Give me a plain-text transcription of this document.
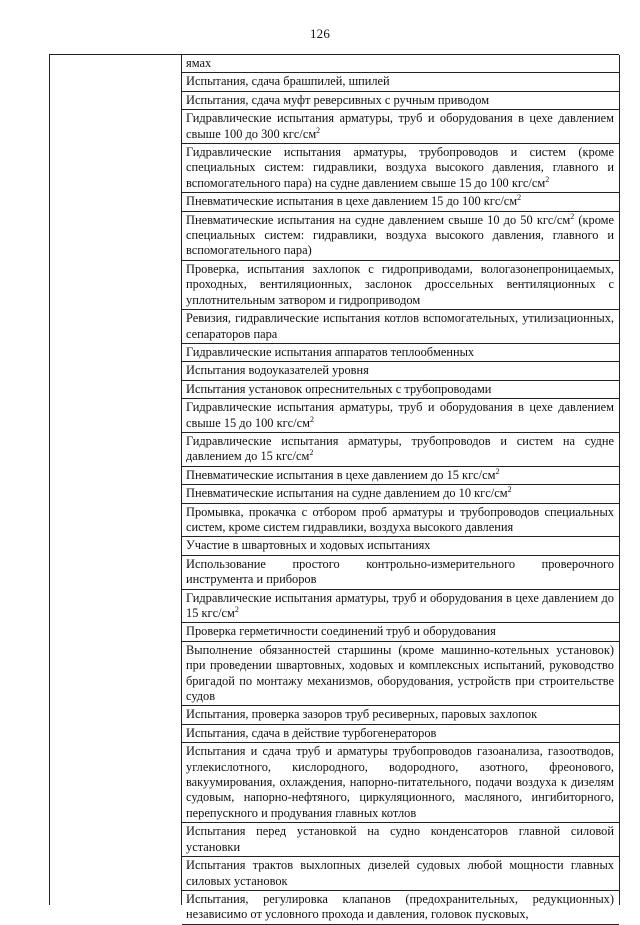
126
ямах
Испытания, сдача брашпилей, шпилей
Испытания, сдача муфт реверсивных с ручным приводом
Гидравлические испытания арматуры, труб и оборудования в цехе давлением свыше 100 до 300 кгс/$см^2$
Гидравлические испытания арматуры, трубопроводов и систем (кроме специальных систем: гидравлики, воздуха высокого давления, главного и вспомогательного пара) на судне давлением свыше 15 до 100 кгс/$см^2$
Пневматические испытания в цехе давлением 15 до 100 кгс/$см^2$
Пневматические испытания на судне давлением свыше 10 до 50 кгс/$см^2$ (кроме специальных систем: гидравлики, воздуха высокого давления, главного и вспомогательного пара)
Проверка, испытания захлопок с гидроприводами, вологазонепроницаемых, проходных, вентиляционных, заслонок дроссельных вентиляционных с уплотнительным затвором и гидроприводом
Ревизия, гидравлические испытания котлов вспомогательных, утилизационных, сепараторов пара
Гидравлические испытания аппаратов теплообменных
Испытания водоуказателей уровня
Испытания установок опреснительных с трубопроводами
Гидравлические испытания арматуры, труб и оборудования в цехе давлением свыше 15 до 100 кгс/$см^2$
Гидравлические испытания арматуры, трубопроводов и систем на судне давлением до 15 кгс/$см^2$
Пневматические испытания в цехе давлением до 15 кгс/$см^2$
Пневматические испытания на судне давлением до 10 кгс/$см^2$
Промывка, прокачка с отбором проб арматуры и трубопроводов специальных систем, кроме систем гидравлики, воздуха высокого давления
Участие в швартовных и ходовых испытаниях
Использование простого контрольно-измерительного проверочного инструмента и приборов
Гидравлические испытания арматуры, труб и оборудования в цехе давлением до 15 кгс/$см^2$
Проверка герметичности соединений труб и оборудования
Выполнение обязанностей старшины (кроме машинно-котельных установок) при проведении швартовных, ходовых и комплексных испытаний, руководство бригадой по монтажу механизмов, оборудования, устройств при строительстве судов
Испытания, проверка зазоров труб ресиверных, паровых захлопок
Испытания, сдача в действие турбогенераторов
Испытания и сдача труб и арматуры трубопроводов газоанализа, газоотводов, углекислотного, кислородного, водородного, азотного, фреонового, вакуумирования, охлаждения, напорно-питательного, подачи воздуха к дизелям судовым, напорно-нефтяного, циркуляционного, масляного, ингибиторного, перепускного и продувания главных котлов
Испытания перед установкой на судно конденсаторов главной силовой установки
Испытания трактов выхлопных дизелей судовых любой мощности главных силовых установок
Испытания, регулировка клапанов (предохранительных, редукционных) независимо от условного прохода и давления, головок пусковых,
